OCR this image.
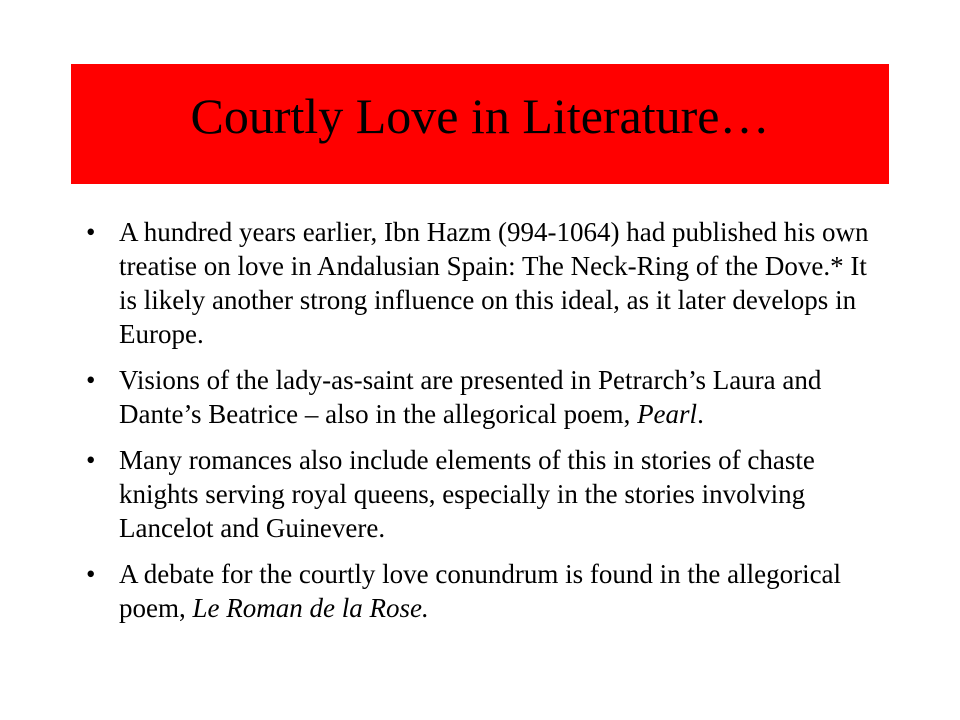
Courtly Love in Literature…
• A hundred years earlier, Ibn Hazm (994-1064) had published his own treatise on love in Andalusian Spain: The Neck-Ring of the Dove.* It is likely another strong influence on this ideal, as it later develops in Europe.
• Visions of the lady-as-saint are presented in Petrarch’s Laura and Dante’s Beatrice – also in the allegorical poem, Pearl.
• Many romances also include elements of this in stories of chaste knights serving royal queens, especially in the stories involving Lancelot and Guinevere.
• A debate for the courtly love conundrum is found in the allegorical poem, Le Roman de la Rose.
